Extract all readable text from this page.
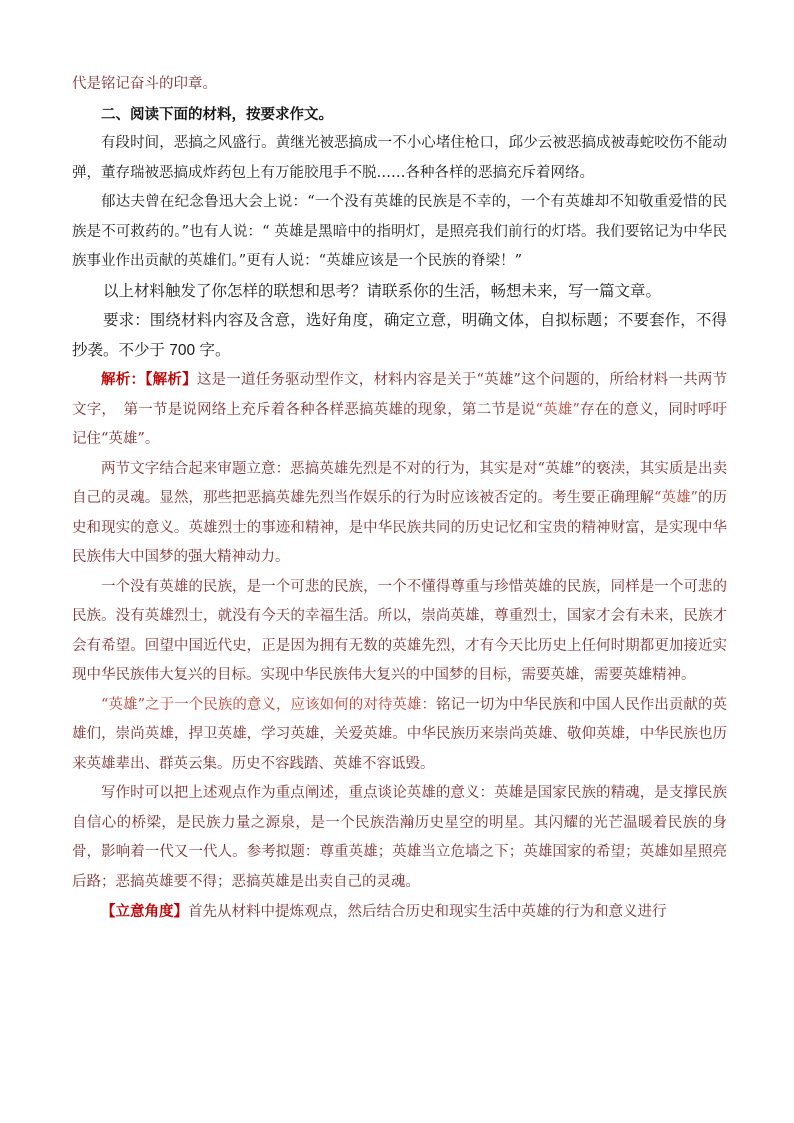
代是铭记奋斗的印章。

二、阅读下面的材料，按要求作文。

有段时间，恶搞之风盛行。黄继光被恶搞成一不小心堵住枪口，邱少云被恶搞成被毒蛇咬伤不能动弹，董存瑞被恶搞成炸药包上有万能胶甩手不脱……各种各样的恶搞充斥着网络。

郁达夫曾在纪念鲁迅大会上说：“一个没有英雄的民族是不幸的，一个有英雄却不知敬重爱惜的民族是不可救药的。”也有人说：“ 英雄是黑暗中的指明灯，是照亮我们前行的灯塔。我们要铭记为中华民族事业作出贡献的英雄们。”更有人说：“英雄应该是一个民族的脊梁！”

以上材料触发了你怎样的联想和思考？请联系你的生活，畅想未来，写一篇文章。

要求：围绕材料内容及含意，选好角度，确定立意，明确文体，自拟标题；不要套作，不得抄袭。不少于 700 字。

解析：【解析】这是一道任务驱动型作文，材料内容是关于“英雄”这个问题的，所给材料一共两节文字，　第一节是说网络上充斥着各种各样恶搞英雄的现象，第二节是说“英雄”存在的意义，同时呼吁记住“英雄”。

两节文字结合起来审题立意：恶搞英雄先烈是不对的行为，其实是对“英雄”的亵渎，其实质是出卖自己的灵魂。显然，那些把恶搞英雄先烈当作娱乐的行为时应该被否定的。考生要正确理解“英雄”的历史和现实的意义。英雄烈士的事迹和精神，是中华民族共同的历史记忆和宝贵的精神财富，是实现中华民族伟大中国梦的强大精神动力。

一个没有英雄的民族，是一个可悲的民族，一个不懂得尊重与珍惜英雄的民族，同样是一个可悲的民族。没有英雄烈士，就没有今天的幸福生活。所以，崇尚英雄，尊重烈士，国家才会有未来，民族才会有希望。回望中国近代史，正是因为拥有无数的英雄先烈，才有今天比历史上任何时期都更加接近实现中华民族伟大复兴的目标。实现中华民族伟大复兴的中国梦的目标，需要英雄，需要英雄精神。

“英雄”之于一个民族的意义，应该如何的对待英雄：铭记一切为中华民族和中国人民作出贡献的英雄们，崇尚英雄，捍卫英雄，学习英雄，关爱英雄。中华民族历来崇尚英雄、敬仰英雄，中华民族也历来英雄辈出、群英云集。历史不容践踏、英雄不容诋毁。

写作时可以把上述观点作为重点阐述，重点谈论英雄的意义：英雄是国家民族的精魂，是支撑民族自信心的桥梁，是民族力量之源泉，是一个民族浩瀚历史星空的明星。其闪耀的光芒温暖着民族的身骨，影响着一代又一代人。参考拟题：尊重英雄；英雄当立危墙之下；英雄国家的希望；英雄如星照亮后路；恶搞英雄要不得；恶搞英雄是出卖自己的灵魂。

【立意角度】首先从材料中提炼观点，然后结合历史和现实生活中英雄的行为和意义进行
